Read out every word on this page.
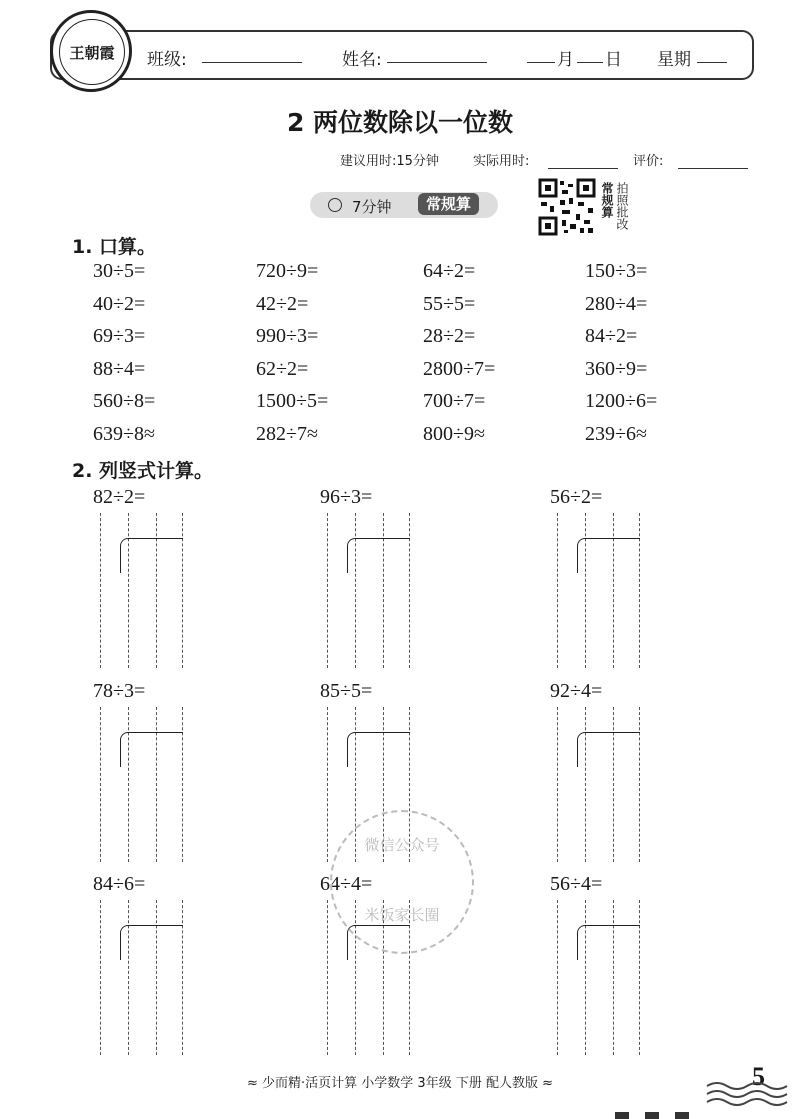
班级:	姓名:	月 日 星期
王朝霞
2 两位数除以一位数
建议用时:15分钟	实际用时:	评价:
7分钟	常规算	常规算 拍照批改
1. 口算。
30÷5=	720÷9=	64÷2=	150÷3=
40÷2=	42÷2=	55÷5=	280÷4=
69÷3=	990÷3=	28÷2=	84÷2=
88÷4=	62÷2=	2800÷7=	360÷9=
560÷8=	1500÷5=	700÷7=	1200÷6=
639÷8≈	282÷7≈	800÷9≈	239÷6≈
2. 列竖式计算。
82÷2=	96÷3=	56÷2=
78÷3=	85÷5=	92÷4=
84÷6=	64÷4=	56÷4=
微信公众号
米饭家长圈
≈ 少而精·活页计算 小学数学 3年级 下册 配人教版 ≈	5
